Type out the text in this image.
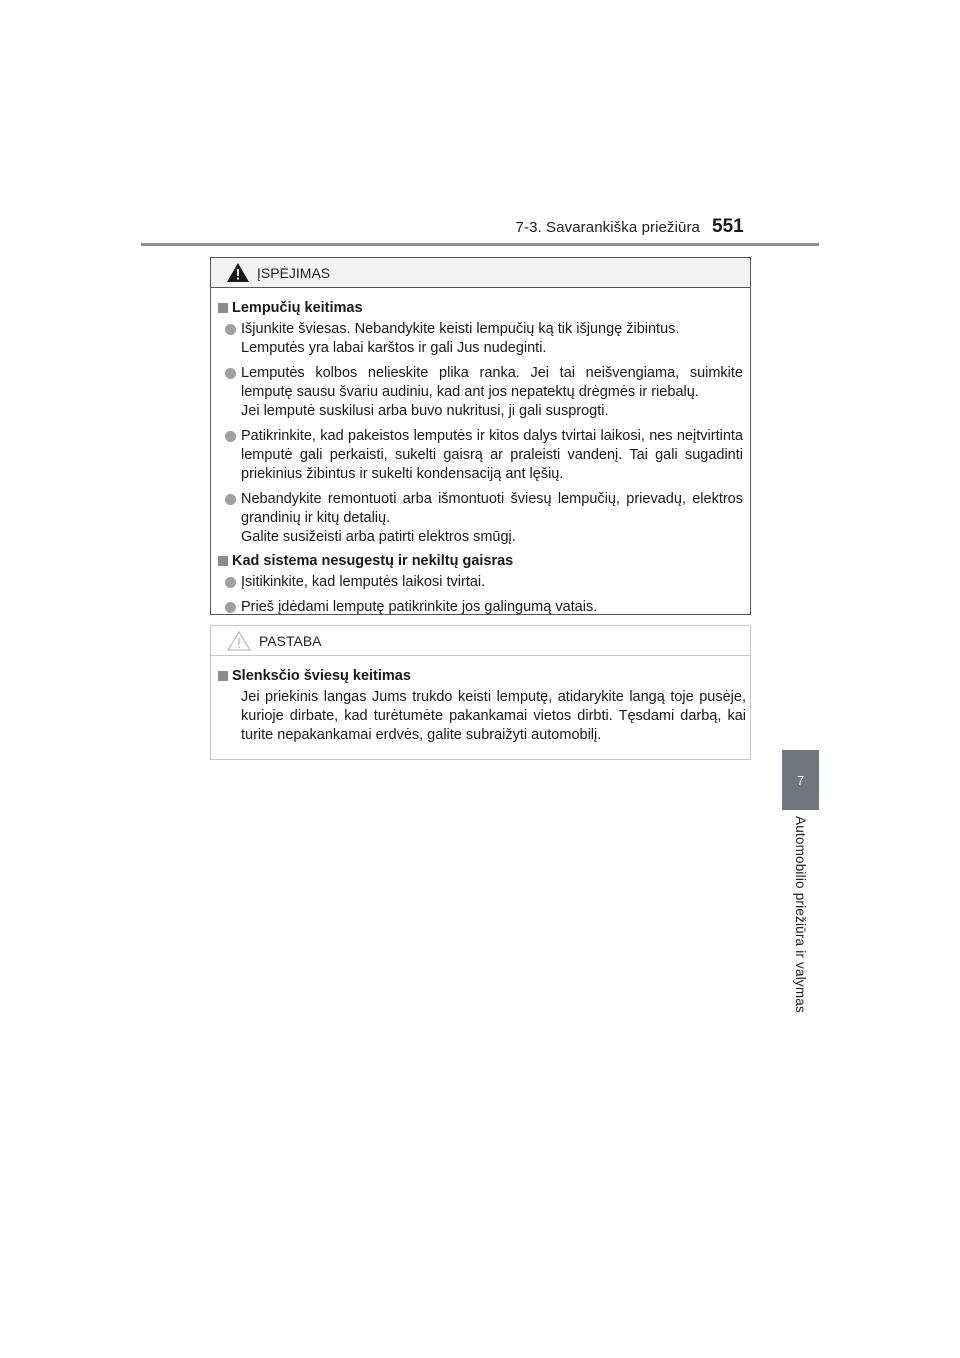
7-3. Savarankiška priežiūra 551
7
Automobilio priežiūra ir valymas
ĮSPĖJIMAS
Lempučių keitimas
Išjunkite šviesas. Nebandykite keisti lempučių ką tik išjungę žibintus.
Lemputės yra labai karštos ir gali Jus nudeginti.
Lemputės kolbos nelieskite plika ranka. Jei tai neišvengiama, suimkite lemputę sausu švariu audiniu, kad ant jos nepatektų drėgmės ir riebalų.
Jei lemputė suskilusi arba buvo nukritusi, ji gali susprogti.
Patikrinkite, kad pakeistos lemputės ir kitos dalys tvirtai laikosi, nes neįtvirtinta lemputė gali perkaisti, sukelti gaisrą ar praleisti vandenį. Tai gali sugadinti priekinius žibintus ir sukelti kondensaciją ant lęšių.
Nebandykite remontuoti arba išmontuoti šviesų lempučių, prievadų, elektros grandinių ir kitų detalių.
Galite susižeisti arba patirti elektros smūgį.
Kad sistema nesugestų ir nekiltų gaisras
Įsitikinkite, kad lemputės laikosi tvirtai.
Prieš įdėdami lemputę patikrinkite jos galingumą vatais.
PASTABA
Slenksčio šviesų keitimas
Jei priekinis langas Jums trukdo keisti lemputę, atidarykite langą toje pusėje, kurioje dirbate, kad turėtumėte pakankamai vietos dirbti. Tęsdami darbą, kai turite nepakankamai erdvės, galite subraižyti automobilį.
